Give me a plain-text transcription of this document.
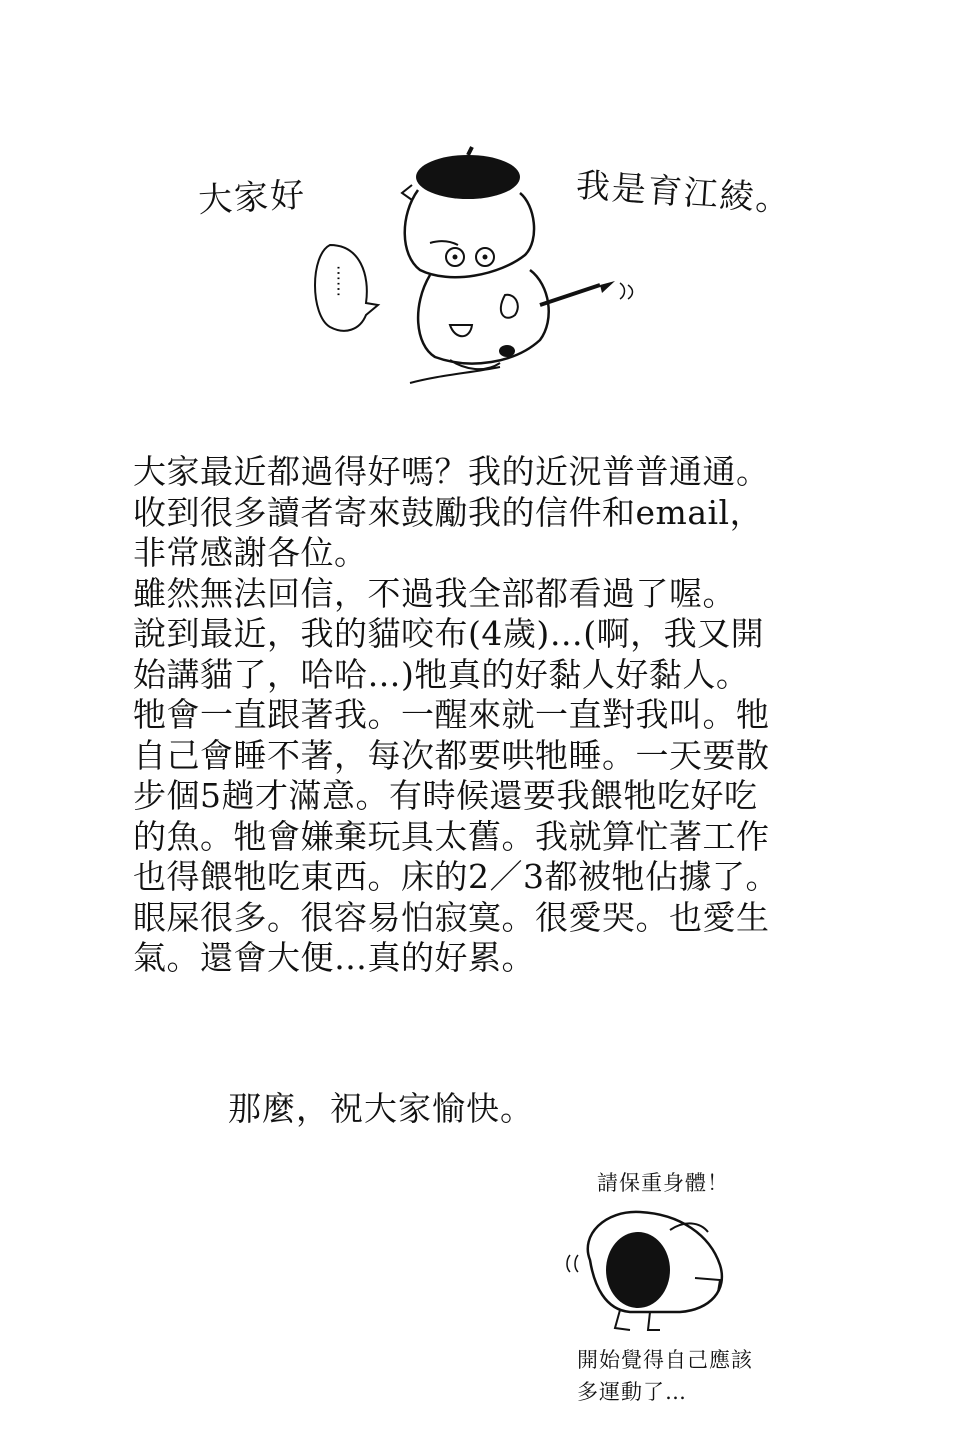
大家好	我是育江綾。
……
大家最近都過得好嗎？我的近況普普通通。
收到很多讀者寄來鼓勵我的信件和email，
非常感謝各位。
雖然無法回信，不過我全部都看過了喔。
說到最近，我的貓咬布(4歲)…(啊，我又開
始講貓了，哈哈…)牠真的好黏人好黏人。
牠會一直跟著我。一醒來就一直對我叫。牠
自己會睡不著，每次都要哄牠睡。一天要散
步個5趟才滿意。有時候還要我餵牠吃好吃
的魚。牠會嫌棄玩具太舊。我就算忙著工作
也得餵牠吃東西。床的2／3都被牠佔據了。
眼屎很多。很容易怕寂寞。很愛哭。也愛生
氣。還會大便…真的好累。
那麼，祝大家愉快。
請保重身體！
開始覺得自己應該
多運動了…
